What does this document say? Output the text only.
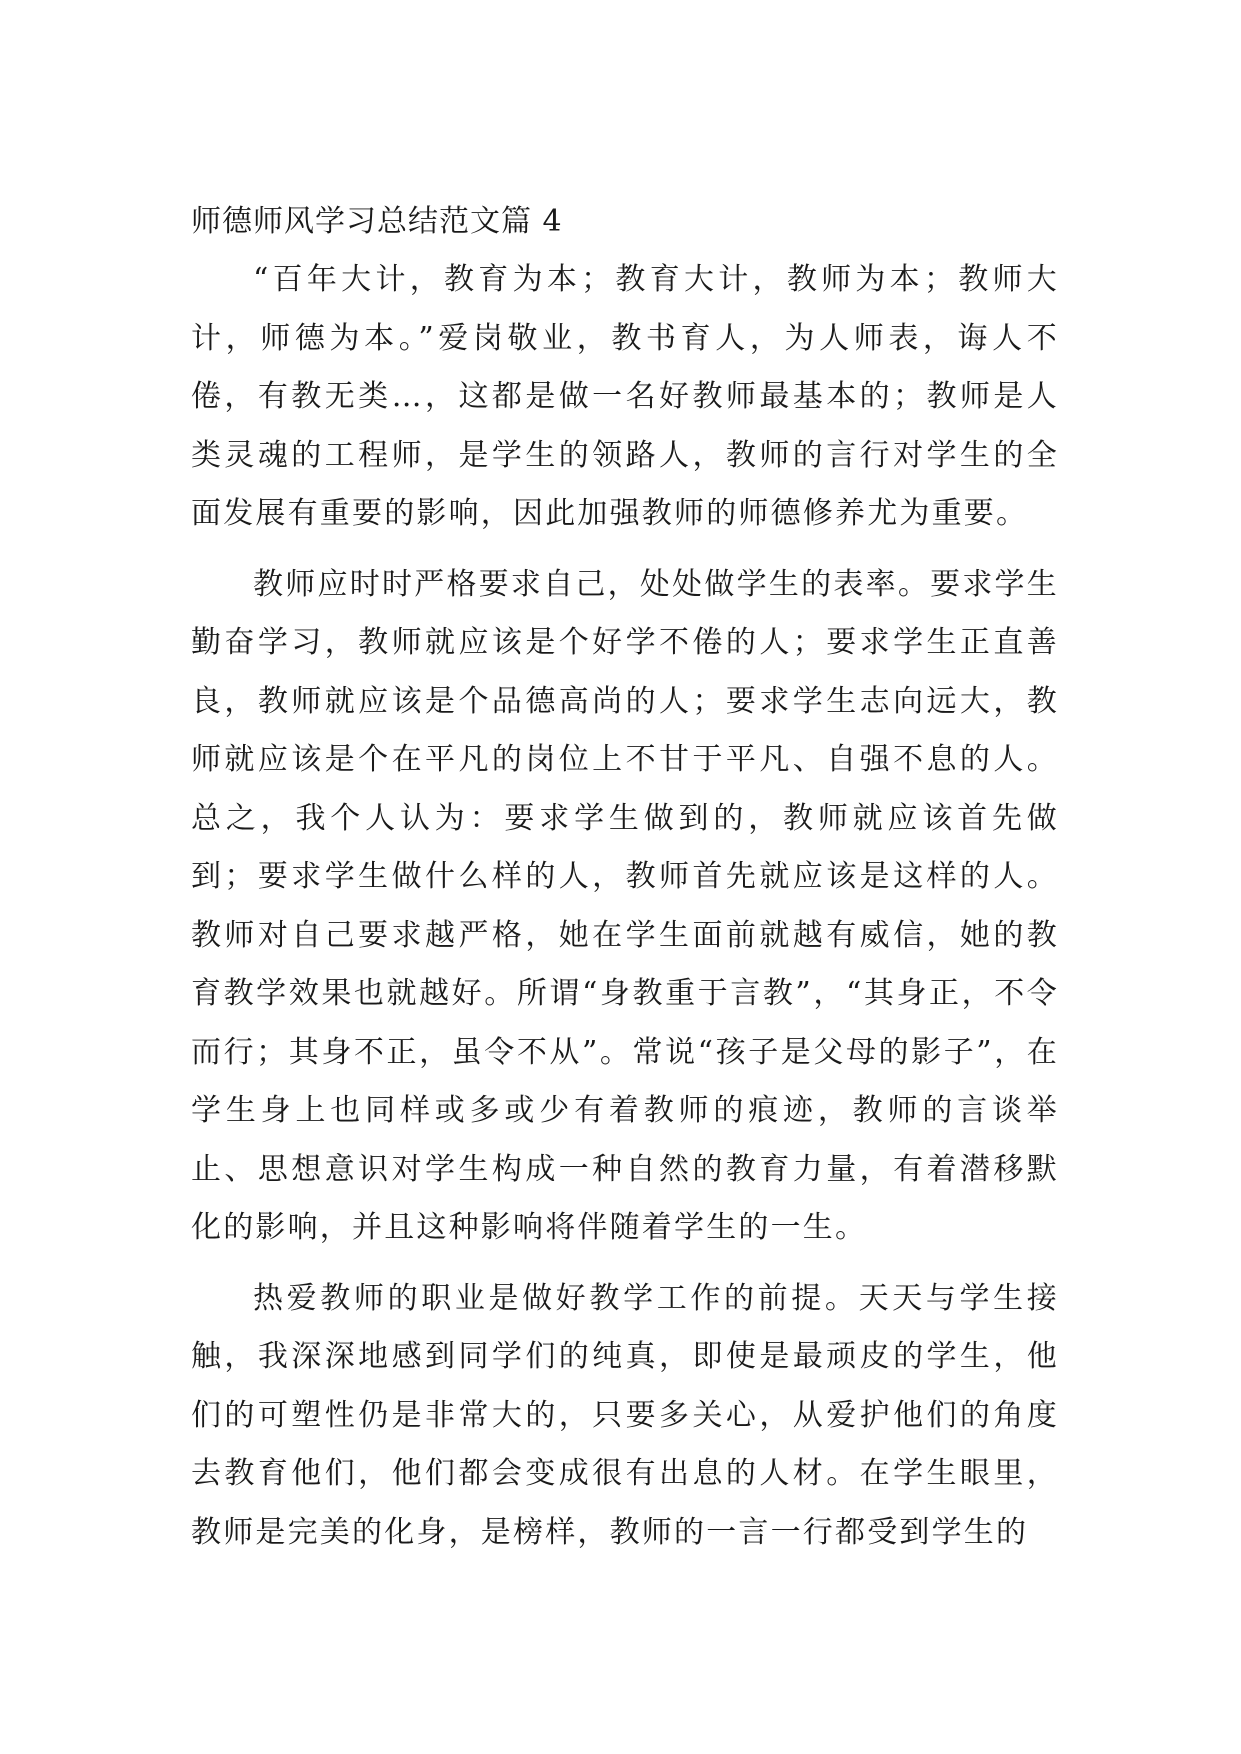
师德师风学习总结范文篇 4

“百年大计，教育为本；教育大计，教师为本；教师大计，师德为本。”爱岗敬业，教书育人，为人师表，诲人不倦，有教无类…，这都是做一名好教师最基本的；教师是人类灵魂的工程师，是学生的领路人，教师的言行对学生的全面发展有重要的影响，因此加强教师的师德修养尤为重要。

教师应时时严格要求自己，处处做学生的表率。要求学生勤奋学习，教师就应该是个好学不倦的人；要求学生正直善良，教师就应该是个品德高尚的人；要求学生志向远大，教师就应该是个在平凡的岗位上不甘于平凡、自强不息的人。总之，我个人认为：要求学生做到的，教师就应该首先做到；要求学生做什么样的人，教师首先就应该是这样的人。教师对自己要求越严格，她在学生面前就越有威信，她的教育教学效果也就越好。所谓“身教重于言教”，“其身正，不令而行；其身不正，虽令不从”。常说“孩子是父母的影子”，在学生身上也同样或多或少有着教师的痕迹，教师的言谈举止、思想意识对学生构成一种自然的教育力量，有着潜移默化的影响，并且这种影响将伴随着学生的一生。

热爱教师的职业是做好教学工作的前提。天天与学生接触，我深深地感到同学们的纯真，即使是最顽皮的学生，他们的可塑性仍是非常大的，只要多关心，从爱护他们的角度去教育他们，他们都会变成很有出息的人材。在学生眼里，教师是完美的化身，是榜样，教师的一言一行都受到学生的
